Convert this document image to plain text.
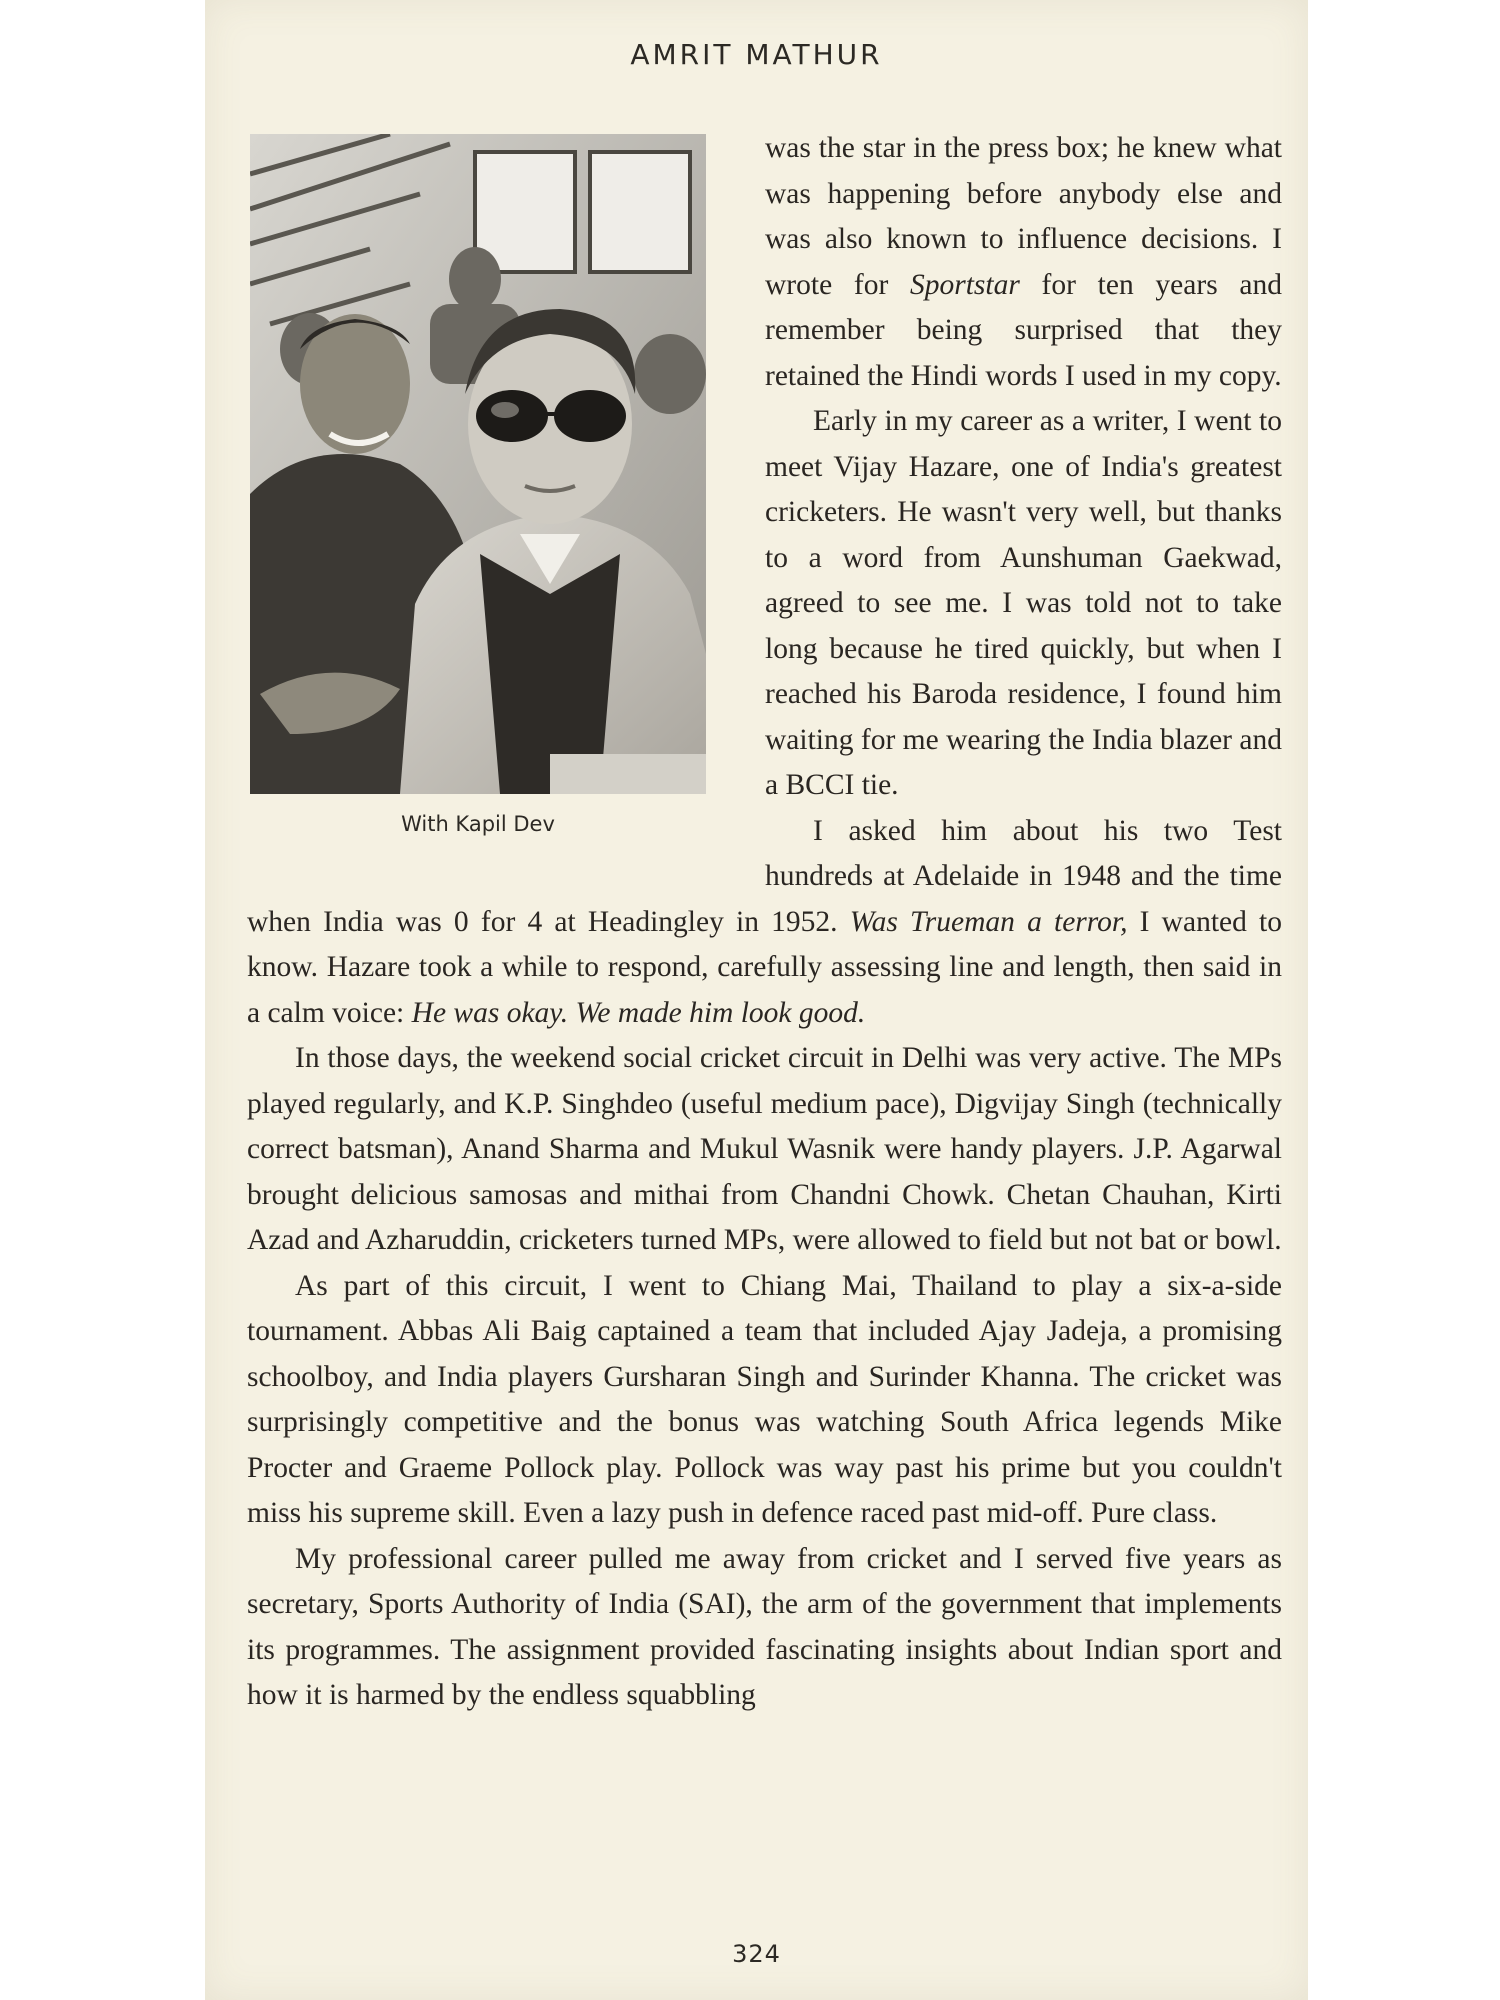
AMRIT MATHUR
With Kapil Dev

was the star in the press box; he knew what was happening before anybody else and was also known to influence decisions. I wrote for Sportstar for ten years and remember being surprised that they retained the Hindi words I used in my copy.

Early in my career as a writer, I went to meet Vijay Hazare, one of India's greatest cricketers. He wasn't very well, but thanks to a word from Aunshuman Gaekwad, agreed to see me. I was told not to take long because he tired quickly, but when I reached his Baroda residence, I found him waiting for me wearing the India blazer and a BCCI tie.

I asked him about his two Test hundreds at Adelaide in 1948 and the time when India was 0 for 4 at Headingley in 1952. Was Trueman a terror, I wanted to know. Hazare took a while to respond, carefully assessing line and length, then said in a calm voice: He was okay. We made him look good.

In those days, the weekend social cricket circuit in Delhi was very active. The MPs played regularly, and K.P. Singhdeo (useful medium pace), Digvijay Singh (technically correct batsman), Anand Sharma and Mukul Wasnik were handy players. J.P. Agarwal brought delicious samosas and mithai from Chandni Chowk. Chetan Chauhan, Kirti Azad and Azharuddin, cricketers turned MPs, were allowed to field but not bat or bowl.

As part of this circuit, I went to Chiang Mai, Thailand to play a six-a-side tournament. Abbas Ali Baig captained a team that included Ajay Jadeja, a promising schoolboy, and India players Gursharan Singh and Surinder Khanna. The cricket was surprisingly competitive and the bonus was watching South Africa legends Mike Procter and Graeme Pollock play. Pollock was way past his prime but you couldn't miss his supreme skill. Even a lazy push in defence raced past mid-off. Pure class.

My professional career pulled me away from cricket and I served five years as secretary, Sports Authority of India (SAI), the arm of the government that implements its programmes. The assignment provided fascinating insights about Indian sport and how it is harmed by the endless squabbling

324
